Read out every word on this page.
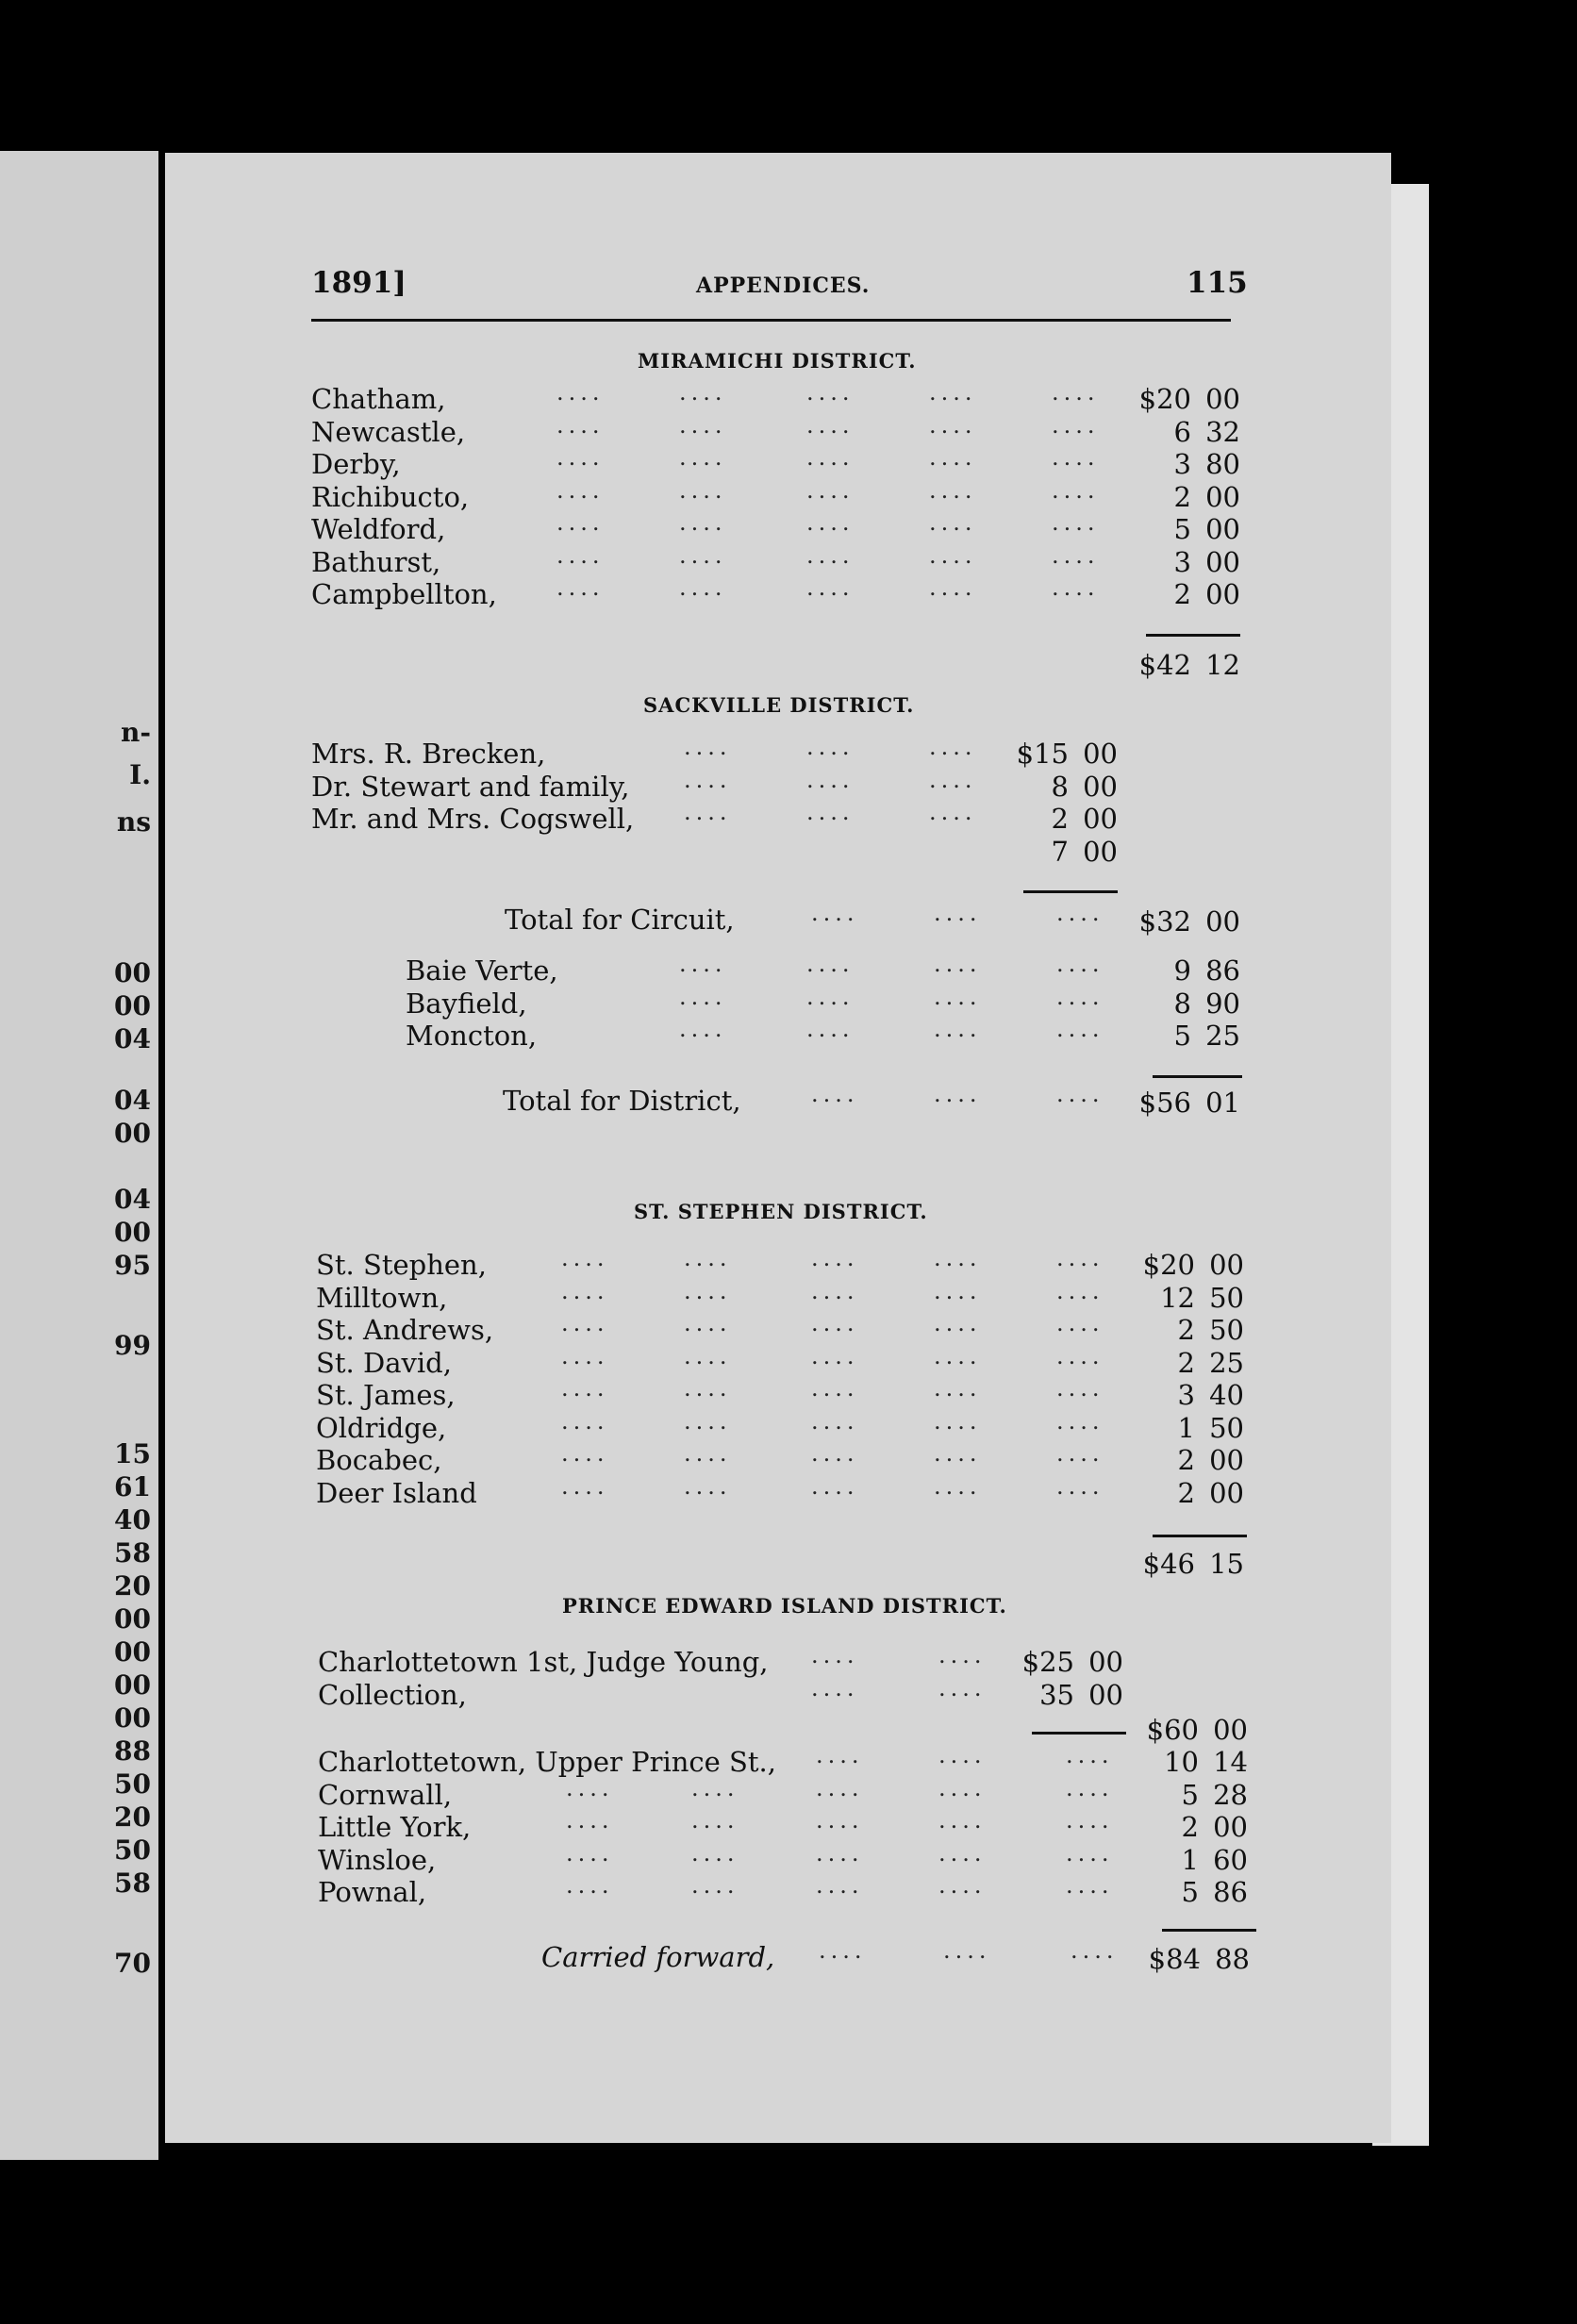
n-
I.
ns
00
00
04
04
00
04
00
95
99
15
61
40
58
20
00
00
00
00
88
50
20
50
58
70
1891]	APPENDICES.	115
MIRAMICHI DISTRICT.
Chatham,	....	....	....	....	.... $20 00
Newcastle,	....	....	....	....	....	6 32
Derby,	....	....	....	....	....	3 80
Richibucto,	....	....	....	....	....	2 00
Weldford,	....	....	....	....	....	5 00
Bathurst,	....	....	....	....	....	3 00
Campbellton,	....	....	....	....	....	2 00
$42 12
SACKVILLE DISTRICT.
Mrs. R. Brecken,	....	....	.... $15 00
Dr. Stewart and family, ....	....	....	8 00
Mr. and Mrs. Cogswell, ....	....	....	2 00
7 00
Total for Circuit,	....	....	.... $32 00
Baie Verte,	....	....	....	....	9 86
Bayfield,	....	....	....	....	8 90
Moncton,	....	....	....	....	5 25
Total for District,	....	....	.... $56 01
ST. STEPHEN DISTRICT.
St. Stephen,	....	....	....	....	.... $20 00
Milltown,	....	....	....	....	.... 12 50
St. Andrews,	....	....	....	....	....	2 50
St. David,	....	....	....	....	....	2 25
St. James,	....	....	....	....	....	3 40
Oldridge,	....	....	....	....	....	1 50
Bocabec,	....	....	....	....	....	2 00
Deer Island	....	....	....	....	....	2 00
$46 15
PRINCE EDWARD ISLAND DISTRICT.
Charlottetown 1st, Judge Young, ....	.... $25 00
Collection,	....	.... 35 00
$60 00
Charlottetown, Upper Prince St., ....	....	.... 10 14
Cornwall,	....	....	....	....	.... 5 28
Little York,	....	....	....	....	.... 2 00
Winsloe,	....	....	....	....	.... 1 60
Pownal,	....	....	....	....	.... 5 86
Carried forward, ....	....	.... $84 88
